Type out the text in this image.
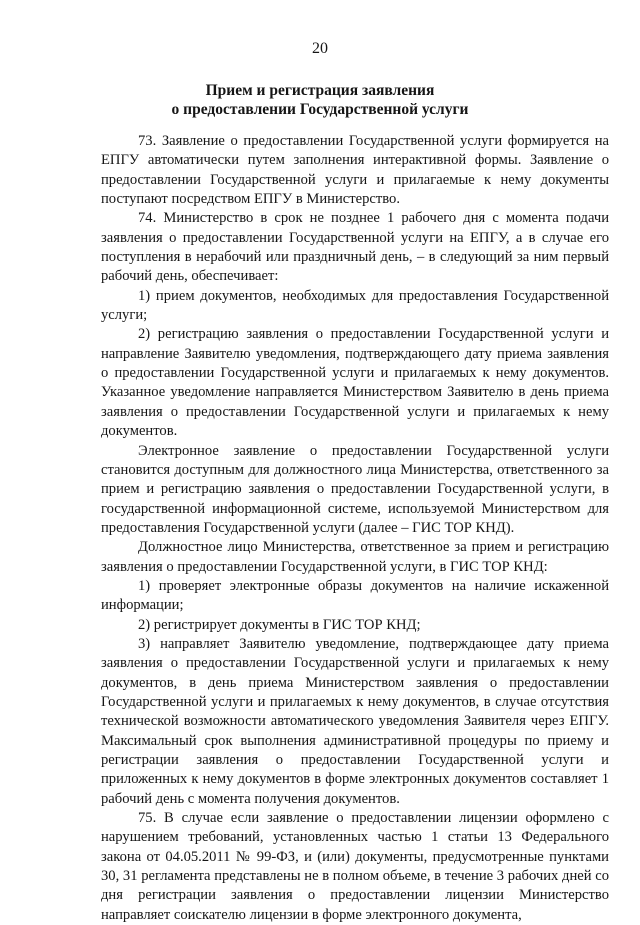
20
Прием и регистрация заявления
о предоставлении Государственной услуги

73. Заявление о предоставлении Государственной услуги формируется на ЕПГУ автоматически путем заполнения интерактивной формы. Заявление о предоставлении Государственной услуги и прилагаемые к нему документы поступают посредством ЕПГУ в Министерство.

74. Министерство в срок не позднее 1 рабочего дня с момента подачи заявления о предоставлении Государственной услуги на ЕПГУ, а в случае его поступления в нерабочий или праздничный день, – в следующий за ним первый рабочий день, обеспечивает:

1) прием документов, необходимых для предоставления Государственной услуги;

2) регистрацию заявления о предоставлении Государственной услуги и направление Заявителю уведомления, подтверждающего дату приема заявления о предоставлении Государственной услуги и прилагаемых к нему документов. Указанное уведомление направляется Министерством Заявителю в день приема заявления о предоставлении Государственной услуги и прилагаемых к нему документов.

Электронное заявление о предоставлении Государственной услуги становится доступным для должностного лица Министерства, ответственного за прием и регистрацию заявления о предоставлении Государственной услуги, в государственной информационной системе, используемой Министерством для предоставления Государственной услуги (далее – ГИС ТОР КНД).

Должностное лицо Министерства, ответственное за прием и регистрацию заявления о предоставлении Государственной услуги, в ГИС ТОР КНД:

1) проверяет электронные образы документов на наличие искаженной информации;

2) регистрирует документы в ГИС ТОР КНД;

3) направляет Заявителю уведомление, подтверждающее дату приема заявления о предоставлении Государственной услуги и прилагаемых к нему документов, в день приема Министерством заявления о предоставлении Государственной услуги и прилагаемых к нему документов, в случае отсутствия технической возможности автоматического уведомления Заявителя через ЕПГУ. Максимальный срок выполнения административной процедуры по приему и регистрации заявления о предоставлении Государственной услуги и приложенных к нему документов в форме электронных документов составляет 1 рабочий день с момента получения документов.

75. В случае если заявление о предоставлении лицензии оформлено с нарушением требований, установленных частью 1 статьи 13 Федерального закона от 04.05.2011 № 99-ФЗ, и (или) документы, предусмотренные пунктами 30, 31 регламента представлены не в полном объеме, в течение 3 рабочих дней со дня регистрации заявления о предоставлении лицензии Министерство направляет соискателю лицензии в форме электронного документа,
